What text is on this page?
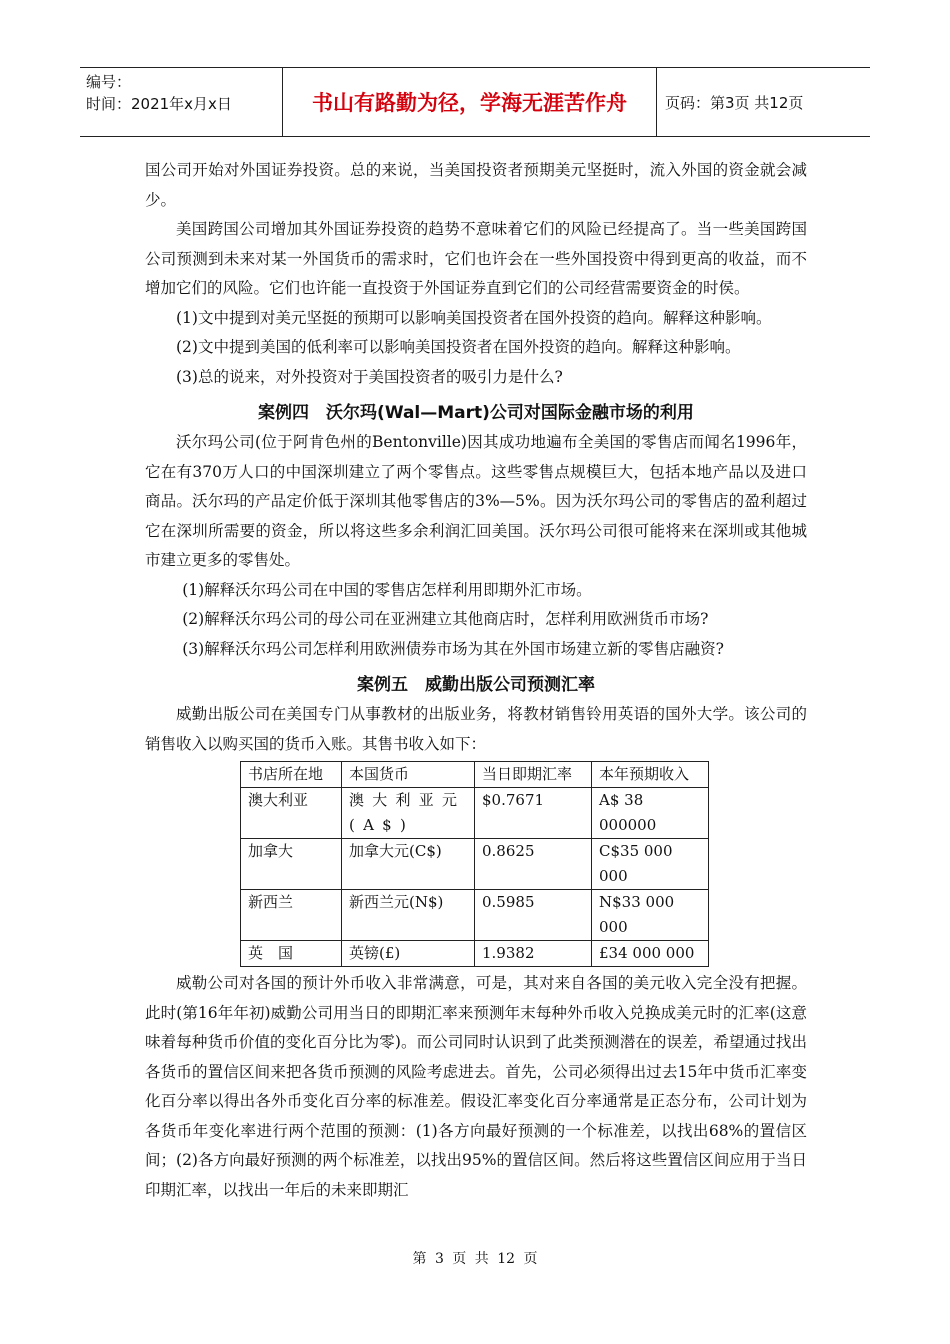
编号：
时间：2021年x月x日	书山有路勤为径，学海无涯苦作舟	页码：第3页 共12页

国公司开始对外国证券投资。总的来说，当美国投资者预期美元坚挺时，流入外国的资金就会减少。

美国跨国公司增加其外国证券投资的趋势不意味着它们的风险已经提高了。当一些美国跨国公司预测到未来对某一外国货币的需求时，它们也许会在一些外国投资中得到更高的收益，而不增加它们的风险。它们也许能一直投资于外国证券直到它们的公司经营需要资金的时侯。

(1)文中提到对美元坚挺的预期可以影响美国投资者在国外投资的趋向。解释这种影响。

(2)文中提到美国的低利率可以影响美国投资者在国外投资的趋向。解释这种影响。

(3)总的说来，对外投资对于美国投资者的吸引力是什么?

案例四　沃尔玛(Wal—Mart)公司对国际金融市场的利用

沃尔玛公司(位于阿肯色州的Bentonville)因其成功地遍布全美国的零售店而闻名1996年，它在有370万人口的中国深圳建立了两个零售点。这些零售点规模巨大，包括本地产品以及进口商品。沃尔玛的产品定价低于深圳其他零售店的3%—5%。因为沃尔玛公司的零售店的盈利超过它在深圳所需要的资金，所以将这些多余利润汇回美国。沃尔玛公司很可能将来在深圳或其他城市建立更多的零售处。

(1)解释沃尔玛公司在中国的零售店怎样利用即期外汇市场。

(2)解释沃尔玛公司的母公司在亚洲建立其他商店时，怎样利用欧洲货币市场?

(3)解释沃尔玛公司怎样利用欧洲债券市场为其在外国市场建立新的零售店融资?

案例五　威勤出版公司预测汇率

威勤出版公司在美国专门从事教材的出版业务，将教材销售铃用英语的国外大学。该公司的销售收入以购买国的货币入账。其售书收入如下：

书店所在地	本国货币	当日即期汇率	本年预期收入
澳大利亚	澳大利亚元(A$)	$0.7671	A$ 38 000000
加拿大	加拿大元(C$)	0.8625	C$35 000 000
新西兰	新西兰元(N$)	0.5985	N$33 000 000
英　国	英镑(£)	1.9382	£34 000 000

威勒公司对各国的预计外币收入非常满意，可是，其对来自各国的美元收入完全没有把握。此时(第16年年初)威勤公司用当日的即期汇率来预测年末每种外币收入兑换成美元时的汇率(这意味着每种货币价值的变化百分比为零)。而公司同时认识到了此类预测潜在的误差，希望通过找出各货币的置信区间来把各货币预测的风险考虑进去。首先，公司必须得出过去15年中货币汇率变化百分率以得出各外币变化百分率的标准差。假设汇率变化百分率通常是正态分布，公司计划为各货币年变化率进行两个范围的预测：(1)各方向最好预测的一个标准差，以找出68%的置信区间；(2)各方向最好预测的两个标准差，以找出95%的置信区间。然后将这些置信区间应用于当日印期汇率，以找出一年后的未来即期汇

第 3 页 共 12 页
